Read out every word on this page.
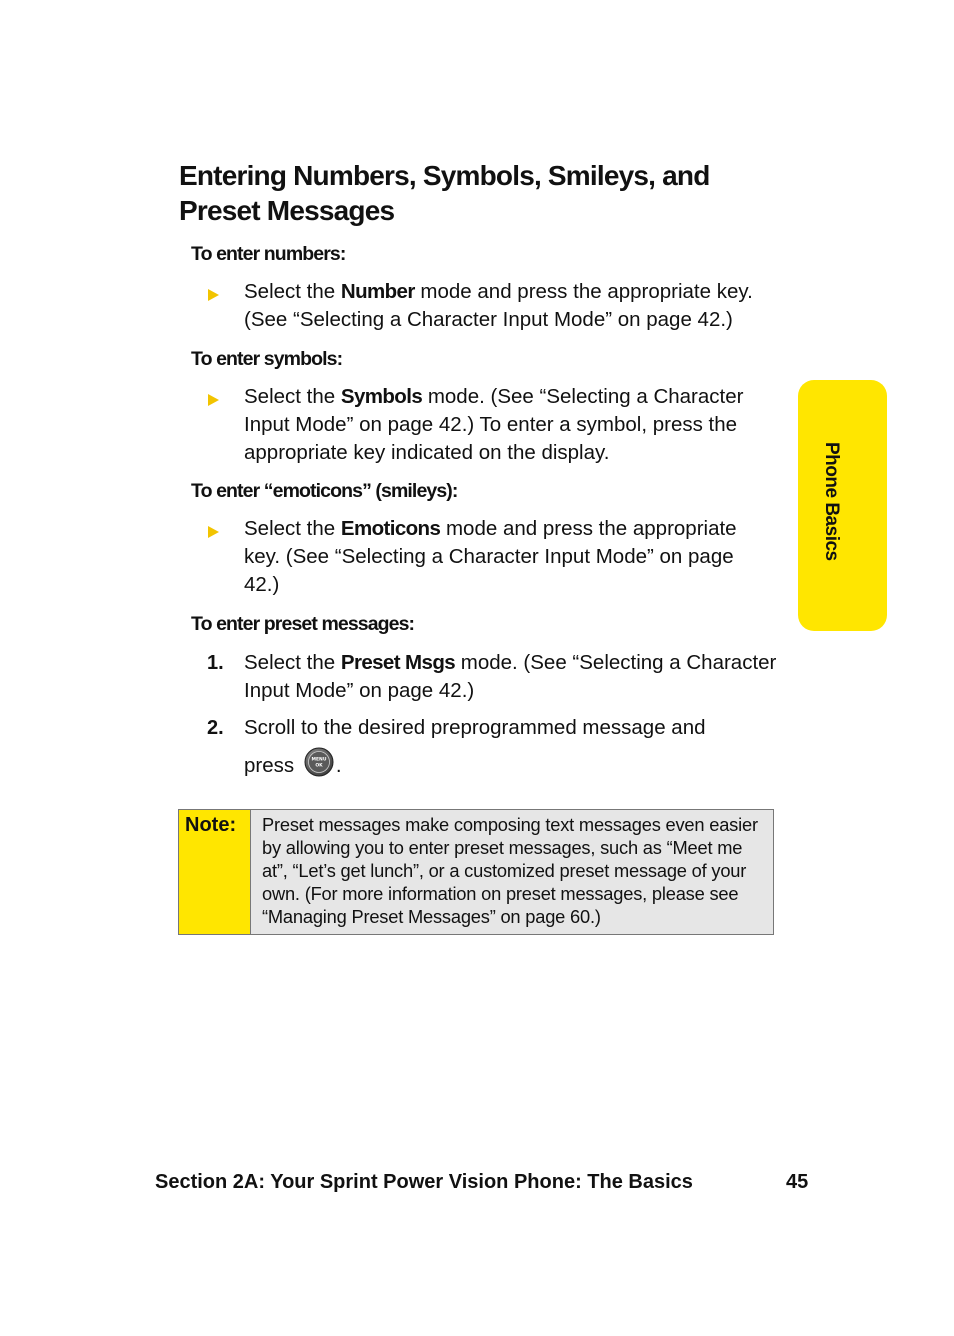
Entering Numbers, Symbols, Smileys, and Preset Messages

To enter numbers:

Select the Number mode and press the appropriate key. (See “Selecting a Character Input Mode” on page 42.)

To enter symbols:

Select the Symbols mode. (See “Selecting a Character Input Mode” on page 42.) To enter a symbol, press the appropriate key indicated on the display.

To enter “emoticons” (smileys):

Select the Emoticons mode and press the appropriate key. (See “Selecting a Character Input Mode” on page 42.)

To enter preset messages:

1. Select the Preset Msgs mode. (See “Selecting a Character Input Mode” on page 42.)

2. Scroll to the desired preprogrammed message and

press	MENU
OK .

Note:	Preset messages make composing text messages even easier by allowing you to enter preset messages, such as “Meet me at”, “Let’s get lunch”, or a customized preset message of your own. (For more information on preset messages, please see “Managing Preset Messages” on page 60.)
Phone Basics

Section 2A: Your Sprint Power Vision Phone: The Basics	45
